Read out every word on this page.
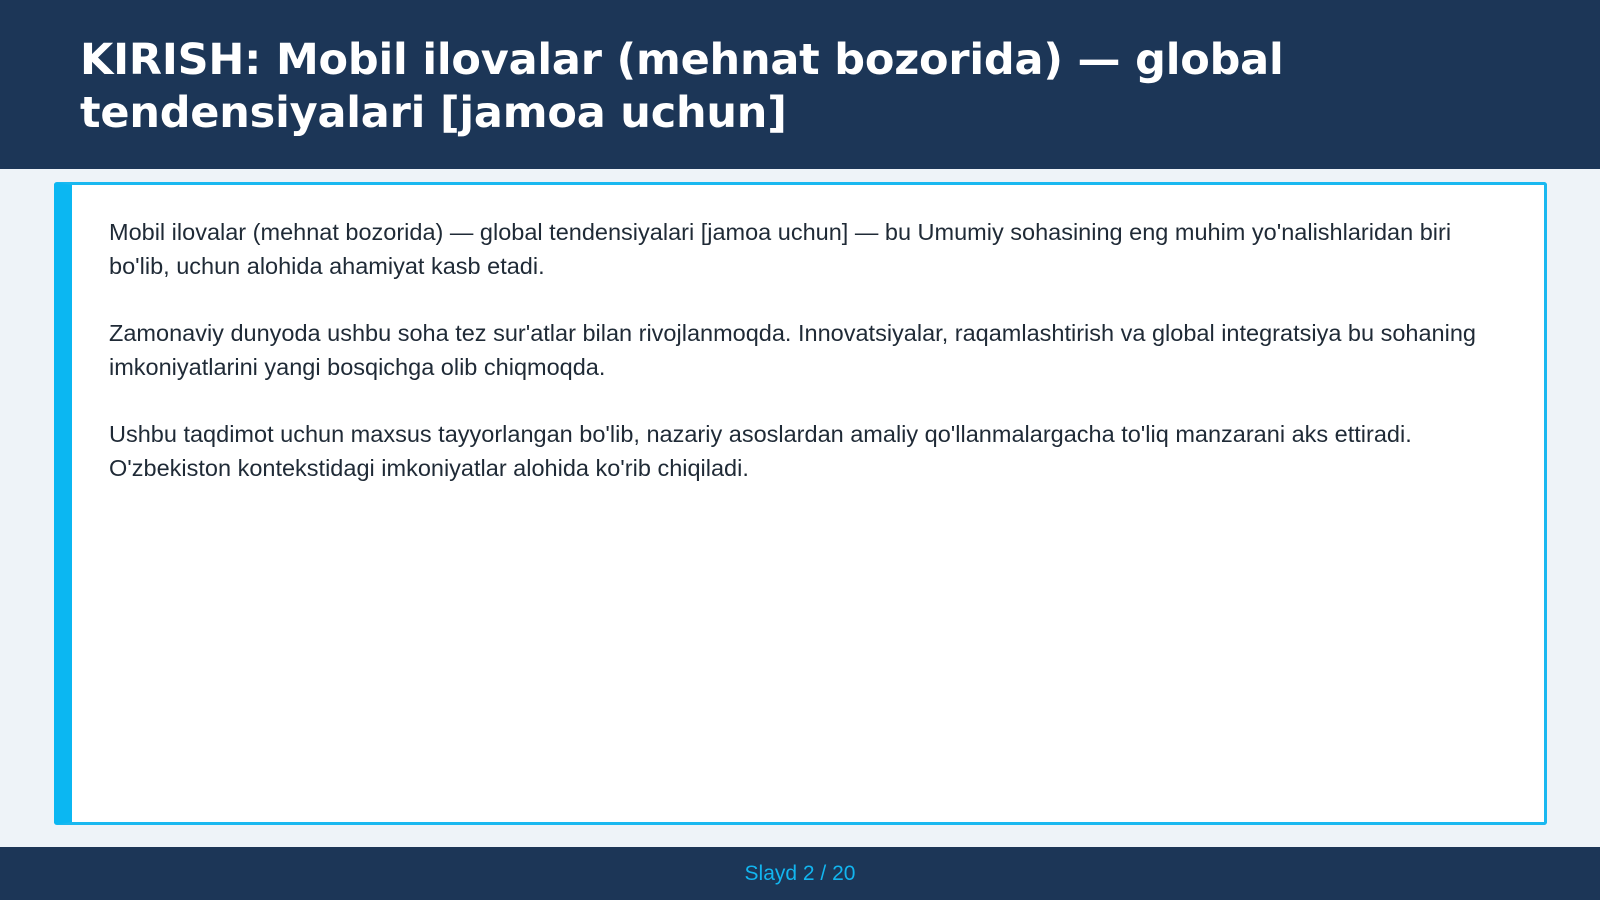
KIRISH: Mobil ilovalar (mehnat bozorida) — global tendensiyalari [jamoa uchun]

Mobil ilovalar (mehnat bozorida) — global tendensiyalari [jamoa uchun] — bu Umumiy sohasining eng muhim yo'nalishlaridan biri bo'lib, uchun alohida ahamiyat kasb etadi.

Zamonaviy dunyoda ushbu soha tez sur'atlar bilan rivojlanmoqda. Innovatsiyalar, raqamlashtirish va global integratsiya bu sohaning imkoniyatlarini yangi bosqichga olib chiqmoqda.

Ushbu taqdimot uchun maxsus tayyorlangan bo'lib, nazariy asoslardan amaliy qo'llanmalargacha to'liq manzarani aks ettiradi. O'zbekiston kontekstidagi imkoniyatlar alohida ko'rib chiqiladi.

Slayd 2 / 20
